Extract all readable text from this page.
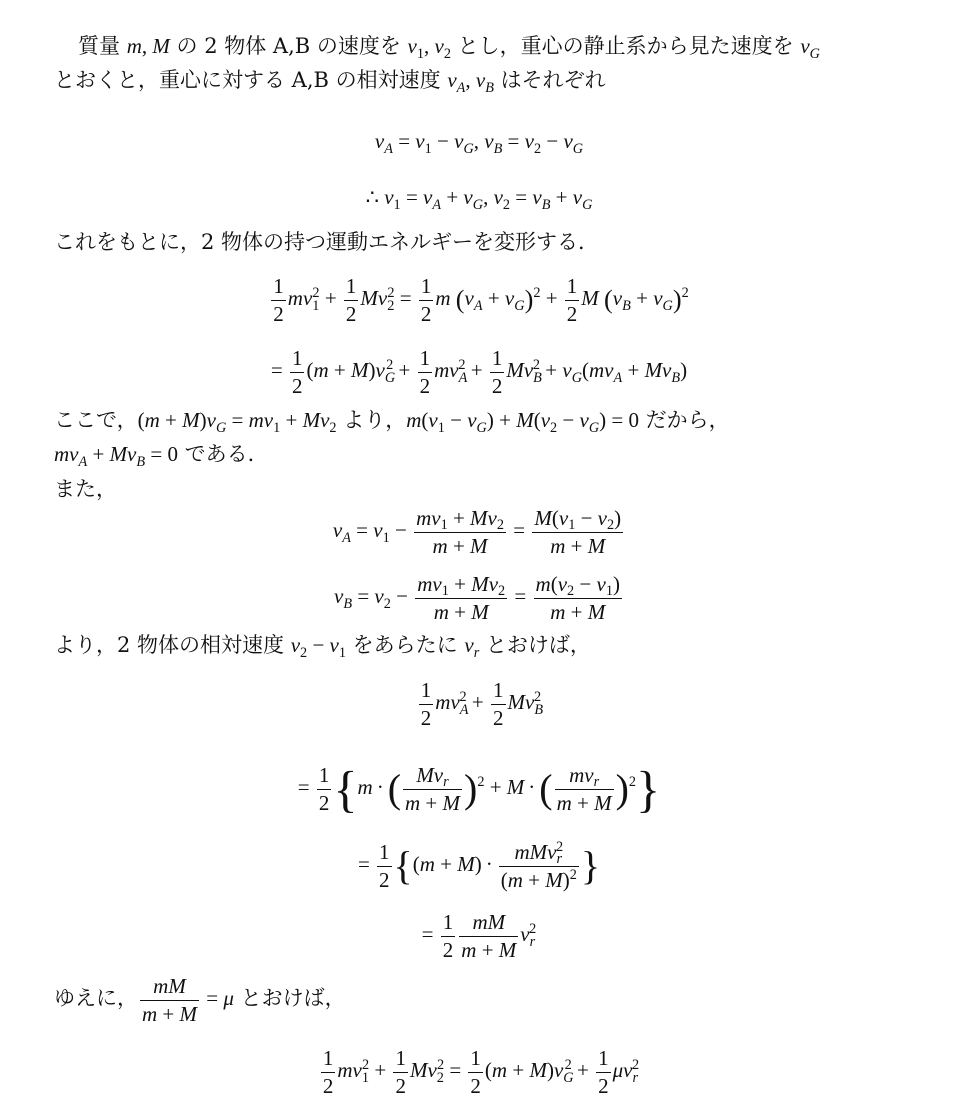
質量 m, M の 2 物体 A,B の速度を $v_1$, $v_2$ とし，重心の静止系から見た速度を $v_G$
とおくと，重心に対する A,B の相対速度 $v_A$, $v_B$ はそれぞれ
$v_A = v_1 - v_G$, $v_B = v_2 - v_G$
∴ $v_1 = v_A + v_G$, $v_2 = v_B + v_G$
これをもとに，2 物体の持つ運動エネルギーを変形する．
$\frac{1}{2} mv_1^2 + \frac{1}{2} Mv_2^2 = \frac{1}{2}$ m $(v_A + v_G)^2 + \frac{1}{2}$ M $(v_B + v_G)^2$
= $\frac{1}{2} (m + M)v_G^2 + \frac{1}{2} mv_A^2 + \frac{1}{2} Mv_B^2 + v_G(mv_A + Mv_B)$
ここで，$(m + M)v_G = mv_1 + Mv_2$ より，$m(v_1 - v_G) + M(v_2 - v_G) = 0$ だから，
$mv_A + Mv_B = 0$ である．
また，
$v_A = v_1 - \frac{mv_1 + Mv_2}{m + M} = \frac{M(v_1 - v_2)}{m + M}$
$v_B = v_2 - \frac{mv_1 + Mv_2}{m + M} = \frac{m(v_2 - v_1)}{m + M}$
より，2 物体の相対速度 $v_2 - v_1$ をあらたに $v_r$ とおけば，
$\frac{1}{2} mv_A^2 + \frac{1}{2} Mv_B^2$
= $\frac{1}{2} \{m$ · ( $\frac{Mv_r}{m + M} )^2 + M$ · ( $\frac{mv_r}{m + M} )^2$}
= $\frac{1}{2} \{(m + M) \cdot \frac{mMv_r^2}{(m + M)^2}$ }
= $\frac{1}{2} \frac{mM}{m + M} v_r^2$
ゆえに， $\frac{mM}{m + M} = \mu$ とおけば，
$\frac{1}{2} mv_1^2 + \frac{1}{2} Mv_2^2 = \frac{1}{2} (m + M)v_G^2 + \frac{1}{2} \mu v_r^2$
